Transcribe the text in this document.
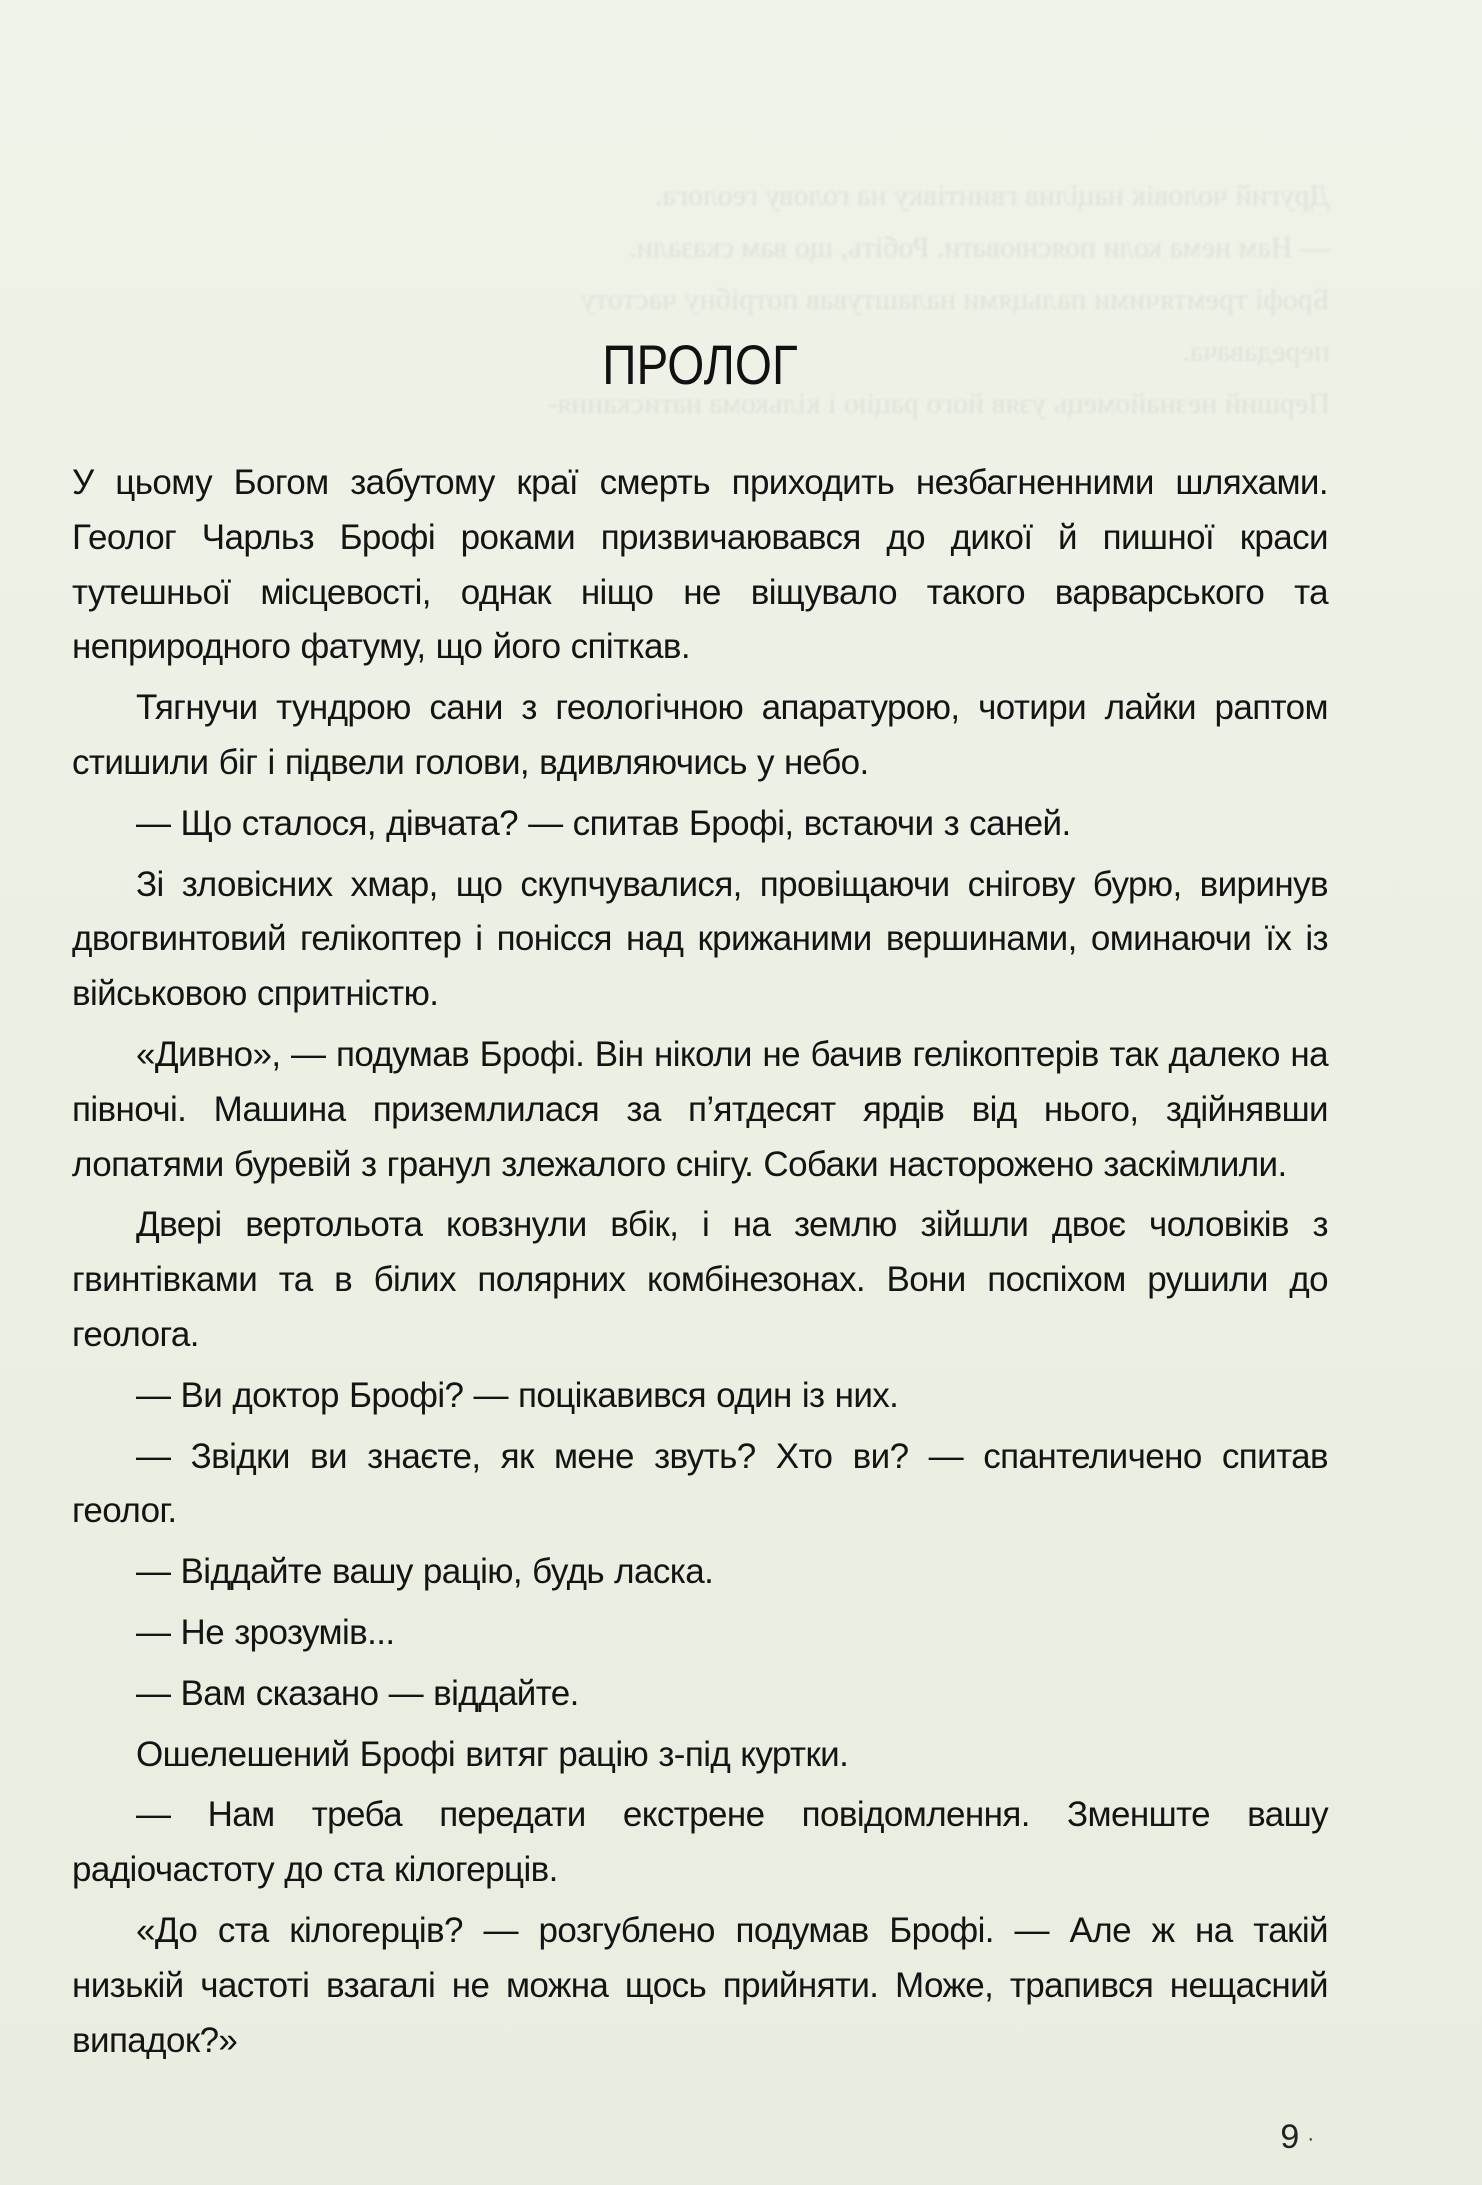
Другий чоловік націлив гвинтівку на голову геолога.

— Нам нема коли пояснювати. Робіть, що вам сказали.

Брофі тремтячими пальцями налаштував потрібну частоту

передавача.

Перший незнайомець узяв його рацію і кількома натискання-

ПРОЛОГ

У цьому Богом забутому краї смерть приходить незбагненними шляхами. Геолог Чарльз Брофі роками призвичаювався до дикої й пишної краси тутешньої місцевості, однак ніщо не віщувало такого варварського та неприродного фатуму, що його спіткав.

Тягнучи тундрою сани з геологічною апаратурою, чотири лайки раптом стишили біг і підвели голови, вдивляючись у небо.

— Що сталося, дівчата? — спитав Брофі, встаючи з саней.

Зі зловісних хмар, що скупчувалися, провіщаючи снігову бурю, виринув двогвинтовий гелікоптер і понісся над крижаними вершинами, оминаючи їх із військовою спритністю.

«Дивно», — подумав Брофі. Він ніколи не бачив гелікоптерів так далеко на півночі. Машина приземлилася за п’ятдесят ярдів від нього, здійнявши лопатями буревій з гранул злежалого снігу. Собаки насторожено заскімлили.

Двері вертольота ковзнули вбік, і на землю зійшли двоє чоловіків з гвинтівками та в білих полярних комбінезонах. Вони поспіхом рушили до геолога.

— Ви доктор Брофі? — поцікавився один із них.

— Звідки ви знаєте, як мене звуть? Хто ви? — спантеличено спитав геолог.

— Віддайте вашу рацію, будь ласка.

— Не зрозумів...

— Вам сказано — віддайте.

Ошелешений Брофі витяг рацію з-під куртки.

— Нам треба передати екстрене повідомлення. Зменште вашу радіочастоту до ста кілогерців.

«До ста кілогерців? — розгублено подумав Брофі. — Але ж на такій низькій частоті взагалі не можна щось прийняти. Може, трапився нещасний випадок?»

9 ·
